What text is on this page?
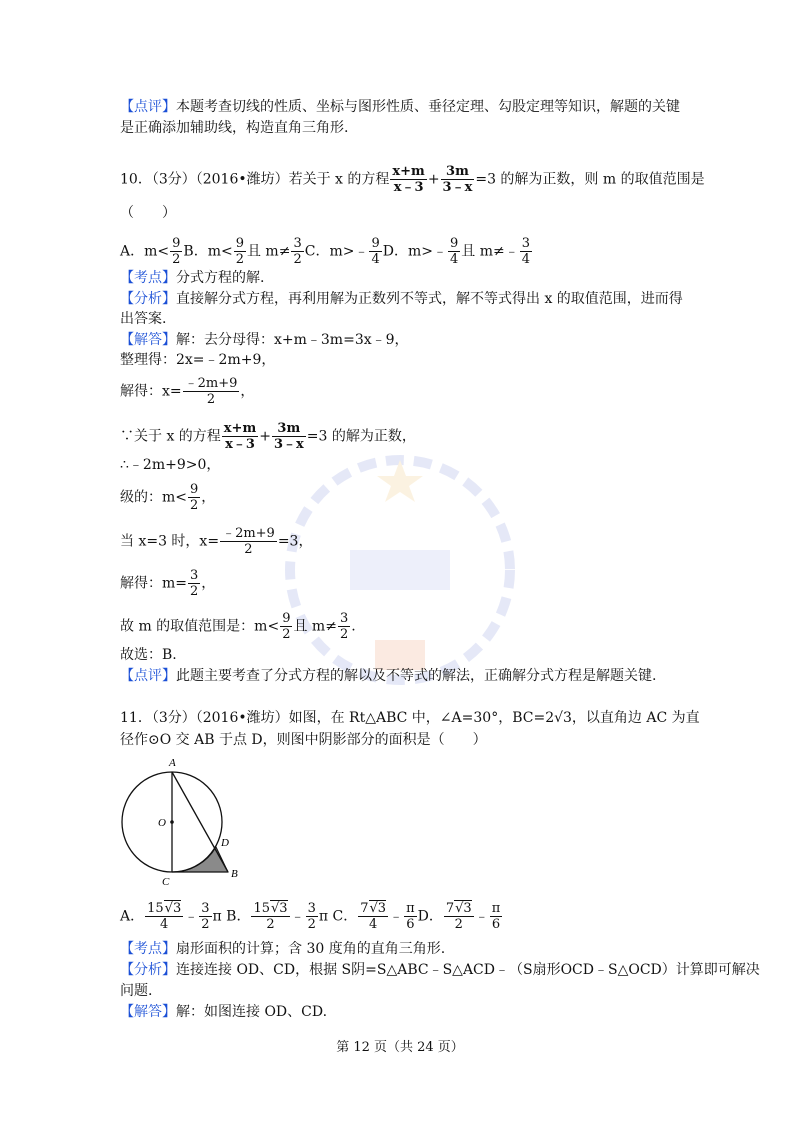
【点评】本题考查切线的性质、坐标与图形性质、垂径定理、勾股定理等知识，解题的关键
是正确添加辅助线，构造直角三角形.
10．（3分）（2016•潍坊）若关于 x 的方程 $\frac{x+m}{x﹣3} + \frac{3m}{3﹣x} =3$ 的解为正数，则 m 的取值范围是
（　　）
A．$m< \frac{9}{2}$ B．$m< \frac{9}{2}$ 且 $m\ne \frac{3}{2}$ C．m>﹣ $\frac{9}{4}$ D．m>﹣ $\frac{9}{4}$ 且 m≠﹣ $\frac{3}{4}$
【考点】分式方程的解.
【分析】直接解分式方程，再利用解为正数列不等式，解不等式得出 x 的取值范围，进而得
出答案.
【解答】解：去分母得：x+m﹣3m=3x﹣9，
整理得：2x=﹣2m+9，
解得：$x= \frac{﹣2m+9}{2}$ ，
∵关于 x 的方程 $\frac{x+m}{x﹣3} + \frac{3m}{3﹣x} =3$ 的解为正数，
∴﹣2m+9>0，
级的：$m< \frac{9}{2}$ ，
当 x=3 时，$x= \frac{﹣2m+9}{2} =3$，
解得：$m= \frac{3}{2}$ ，
故 m 的取值范围是：$m< \frac{9}{2}$ 且 $m\ne \frac{3}{2}$ .
故选：B.
【点评】此题主要考查了分式方程的解以及不等式的解法，正确解分式方程是解题关键.
11．（3分）（2016•潍坊）如图，在 Rt△ABC 中，∠A=30°，BC=2√3，以直角边 AC 为直
径作⊙O 交 AB 于点 D，则图中阴影部分的面积是（　　）
A
O
C
D
B
A． $\frac{15√3}{4}$ ﹣ $\frac{3}{2}$ π B． $\frac{15√3}{2}$ ﹣ $\frac{3}{2}$ π C． $\frac{7√3}{4}$ ﹣ $\frac{\pi}{6}$ D． $\frac{7√3}{2}$ ﹣ $\frac{\pi}{6}$
【考点】扇形面积的计算；含 30 度角的直角三角形.
【分析】连接连接 OD、CD，根据 S阴=S△ABC﹣S△ACD﹣（S扇形OCD﹣S△OCD）计算即可解决
问题.
【解答】解：如图连接 OD、CD.
第 12 页（共 24 页）
